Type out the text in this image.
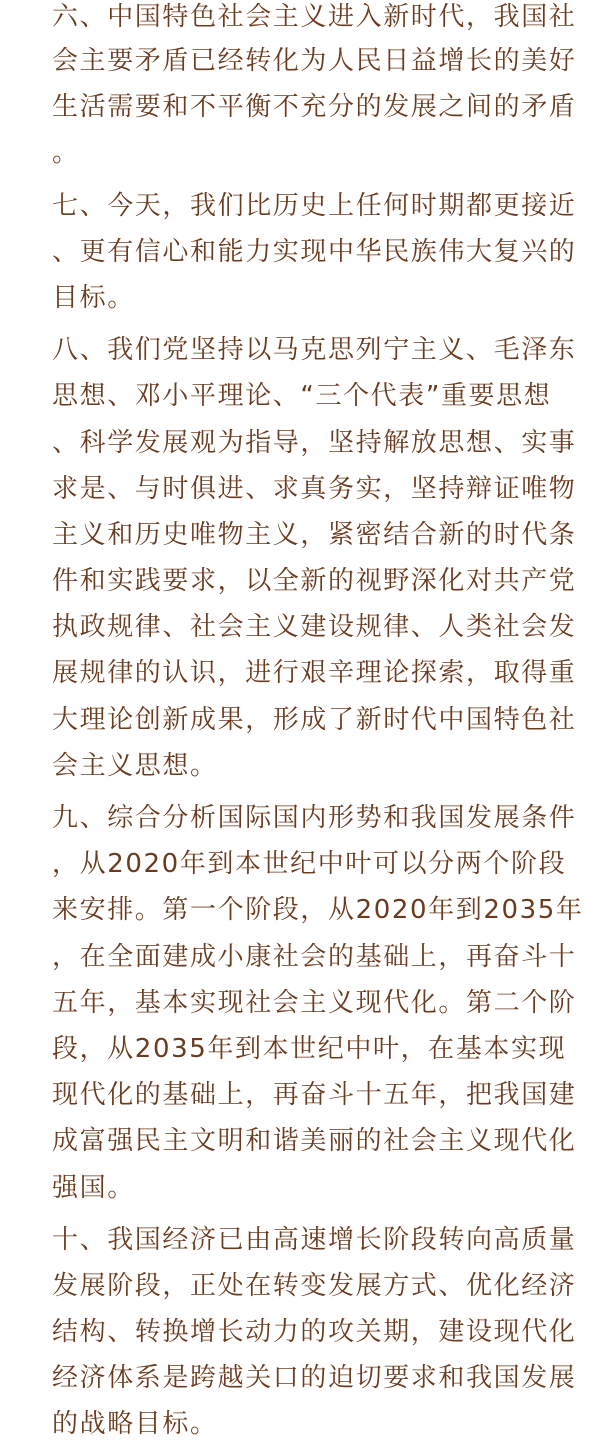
六、中国特色社会主义进入新时代，我国社
会主要矛盾已经转化为人民日益增长的美好
生活需要和不平衡不充分的发展之间的矛盾
。
七、今天，我们比历史上任何时期都更接近
、更有信心和能力实现中华民族伟大复兴的
目标。
八、我们党坚持以马克思列宁主义、毛泽东
思想、邓小平理论、“三个代表”重要思想
、科学发展观为指导，坚持解放思想、实事
求是、与时俱进、求真务实，坚持辩证唯物
主义和历史唯物主义，紧密结合新的时代条
件和实践要求，以全新的视野深化对共产党
执政规律、社会主义建设规律、人类社会发
展规律的认识，进行艰辛理论探索，取得重
大理论创新成果，形成了新时代中国特色社
会主义思想。
九、综合分析国际国内形势和我国发展条件
，从2020年到本世纪中叶可以分两个阶段
来安排。第一个阶段，从2020年到2035年
，在全面建成小康社会的基础上，再奋斗十
五年，基本实现社会主义现代化。第二个阶
段，从2035年到本世纪中叶，在基本实现
现代化的基础上，再奋斗十五年，把我国建
成富强民主文明和谐美丽的社会主义现代化
强国。
十、我国经济已由高速增长阶段转向高质量
发展阶段，正处在转变发展方式、优化经济
结构、转换增长动力的攻关期，建设现代化
经济体系是跨越关口的迫切要求和我国发展
的战略目标。
